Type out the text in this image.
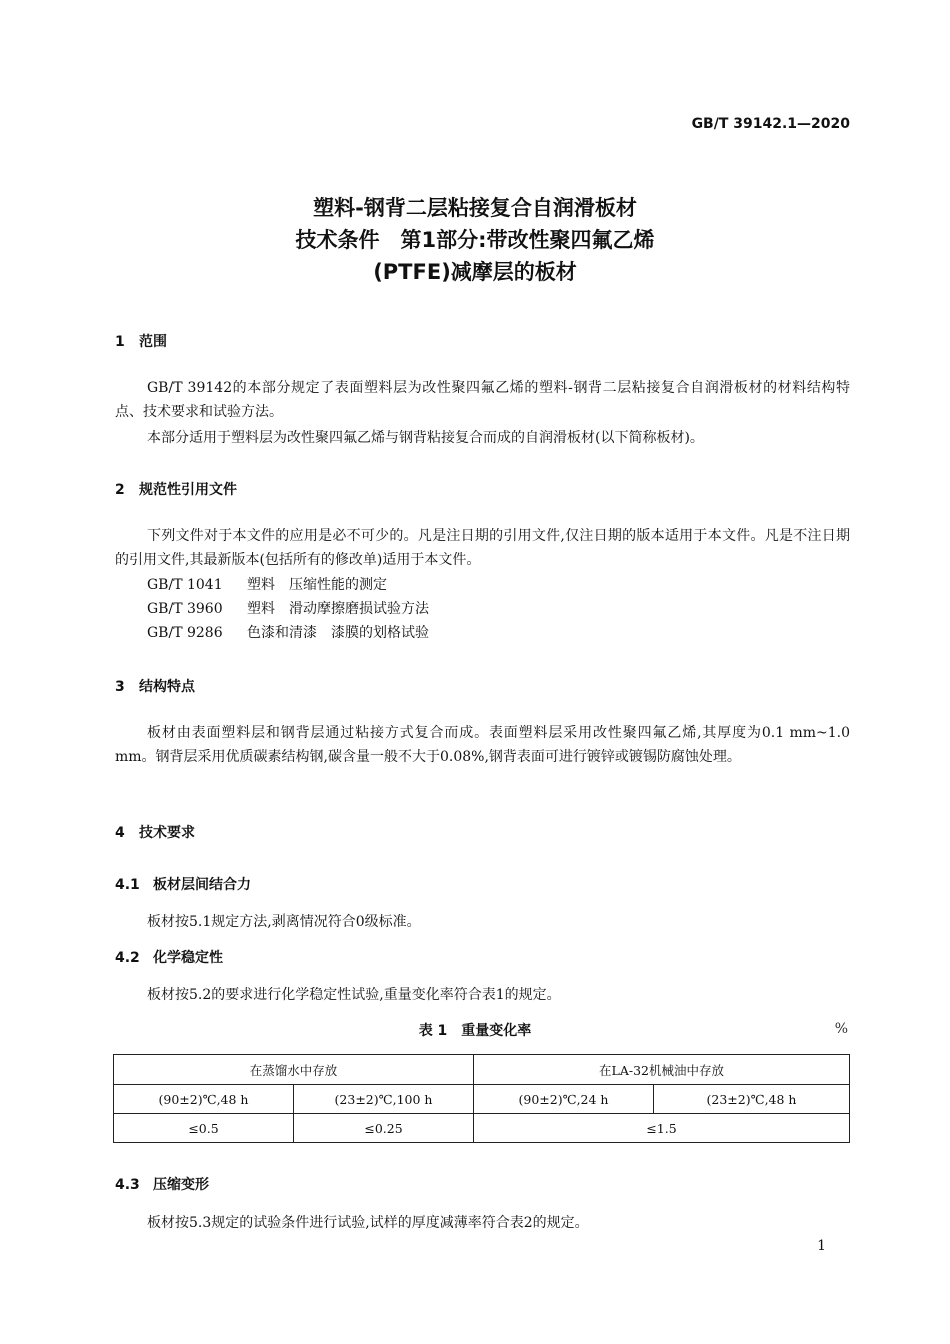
GB/T 39142.1—2020
塑料-钢背二层粘接复合自润滑板材
技术条件　第1部分:带改性聚四氟乙烯
(PTFE)减摩层的板材
1 范围
GB/T 39142的本部分规定了表面塑料层为改性聚四氟乙烯的塑料-钢背二层粘接复合自润滑板材的材料结构特点、技术要求和试验方法。
本部分适用于塑料层为改性聚四氟乙烯与钢背粘接复合而成的自润滑板材(以下简称板材)。
2 规范性引用文件
下列文件对于本文件的应用是必不可少的。凡是注日期的引用文件,仅注日期的版本适用于本文件。凡是不注日期的引用文件,其最新版本(包括所有的修改单)适用于本文件。
GB/T 1041 塑料　压缩性能的测定
GB/T 3960 塑料　滑动摩擦磨损试验方法
GB/T 9286 色漆和清漆　漆膜的划格试验
3 结构特点
板材由表面塑料层和钢背层通过粘接方式复合而成。表面塑料层采用改性聚四氟乙烯,其厚度为0.1 mm~1.0 mm。钢背层采用优质碳素结构钢,碳含量一般不大于0.08%,钢背表面可进行镀锌或镀锡防腐蚀处理。
4 技术要求
4.1 板材层间结合力
板材按5.1规定方法,剥离情况符合0级标准。
4.2 化学稳定性
板材按5.2的要求进行化学稳定性试验,重量变化率符合表1的规定。
表 1　重量变化率	%
在蒸馏水中存放		在LA-32机械油中存放	
(90±2)℃,48 h	(23±2)℃,100 h	(90±2)℃,24 h	(23±2)℃,48 h
≤0.5	≤0.25	≤1.5	
4.3 压缩变形
板材按5.3规定的试验条件进行试验,试样的厚度减薄率符合表2的规定。
1
